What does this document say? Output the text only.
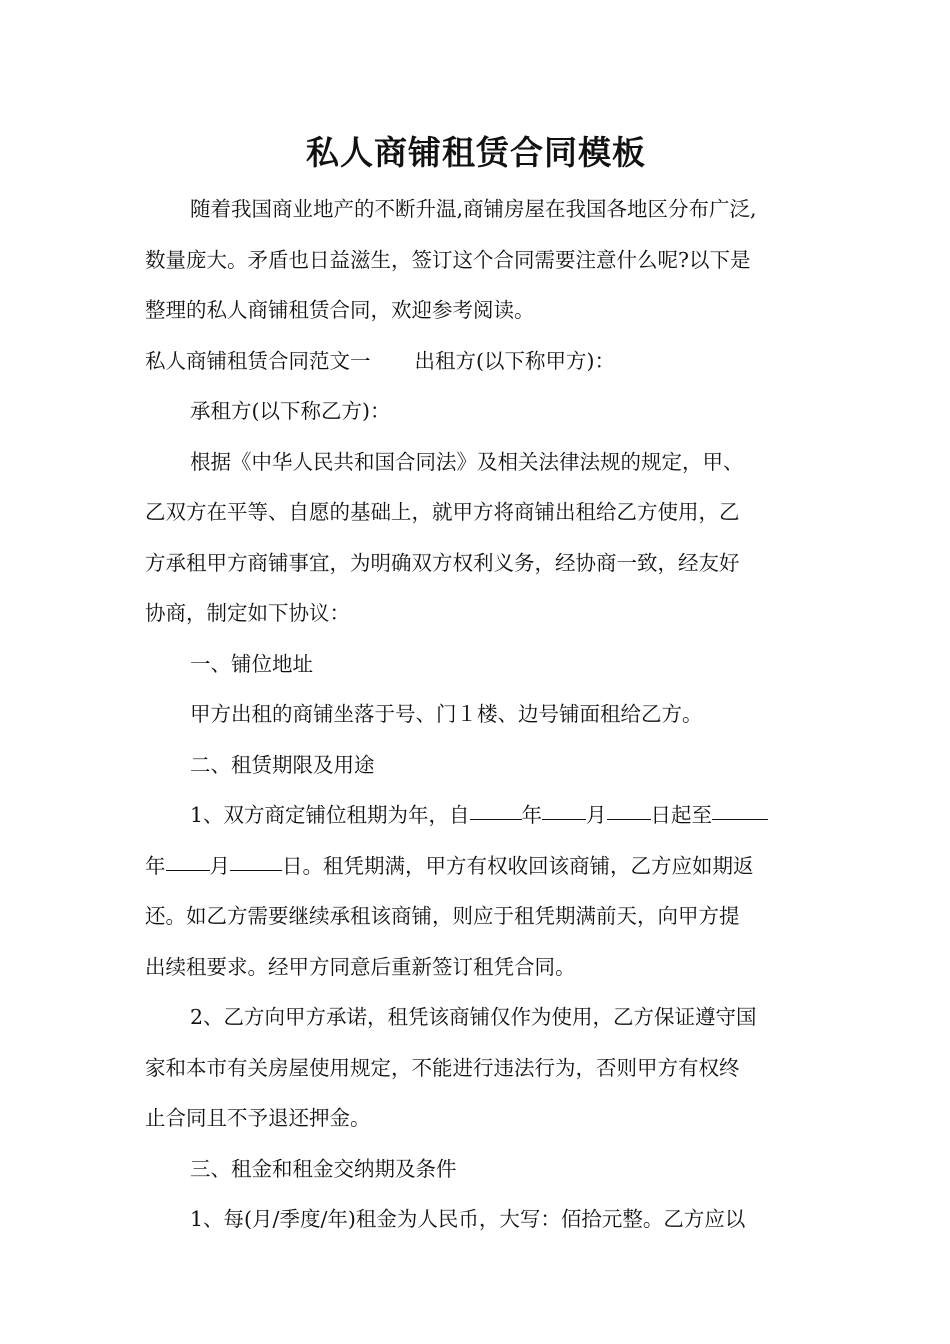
私人商铺租赁合同模板

随着我国商业地产的不断升温,商铺房屋在我国各地区分布广泛,
数量庞大。矛盾也日益滋生，签订这个合同需要注意什么呢?以下是
整理的私人商铺租赁合同，欢迎参考阅读。

私人商铺租赁合同范文一 出租方(以下称甲方)：

承租方(以下称乙方)：

根据《中华人民共和国合同法》及相关法律法规的规定，甲、
乙双方在平等、自愿的基础上，就甲方将商铺出租给乙方使用，乙
方承租甲方商铺事宜，为明确双方权利义务，经协商一致，经友好
协商，制定如下协议：

一、铺位地址

甲方出租的商铺坐落于号、门１楼、边号铺面租给乙方。

二、租赁期限及用途

1、双方商定铺位租期为年，自	年 月 日起至
年 月	日。租凭期满，甲方有权收回该商铺，乙方应如期返
还。如乙方需要继续承租该商铺，则应于租凭期满前天，向甲方提
出续租要求。经甲方同意后重新签订租凭合同。

2、乙方向甲方承诺，租凭该商铺仅作为使用，乙方保证遵守国
家和本市有关房屋使用规定，不能进行违法行为，否则甲方有权终
止合同且不予退还押金。

三、租金和租金交纳期及条件

1、每(月/季度/年)租金为人民币，大写：佰拾元整。乙方应以
